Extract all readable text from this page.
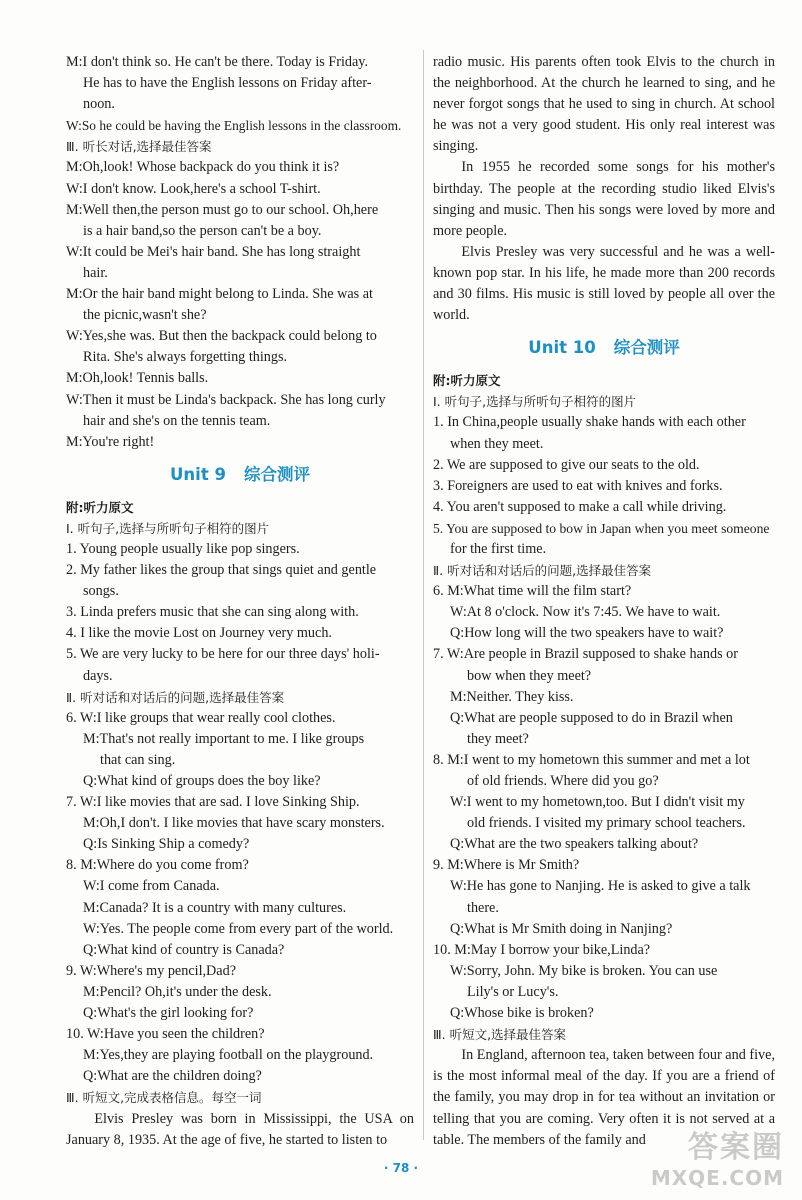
M:I don't think so. He can't be there. Today is Friday.
He has to have the English lessons on Friday after-
noon.
W:So he could be having the English lessons in the classroom.
Ⅲ. 听长对话,选择最佳答案
M:Oh,look! Whose backpack do you think it is?
W:I don't know. Look,here's a school T-shirt.
M:Well then,the person must go to our school. Oh,here
is a hair band,so the person can't be a boy.
W:It could be Mei's hair band. She has long straight
hair.
M:Or the hair band might belong to Linda. She was at
the picnic,wasn't she?
W:Yes,she was. But then the backpack could belong to
Rita. She's always forgetting things.
M:Oh,look! Tennis balls.
W:Then it must be Linda's backpack. She has long curly
hair and she's on the tennis team.
M:You're right!
Unit 9 综合测评
附:听力原文
Ⅰ. 听句子,选择与所听句子相符的图片
1. Young people usually like pop singers.
2. My father likes the group that sings quiet and gentle
songs.
3. Linda prefers music that she can sing along with.
4. I like the movie Lost on Journey very much.
5. We are very lucky to be here for our three days' holi-
days.
Ⅱ. 听对话和对话后的问题,选择最佳答案
6. W:I like groups that wear really cool clothes.
M:That's not really important to me. I like groups
that can sing.
Q:What kind of groups does the boy like?
7. W:I like movies that are sad. I love Sinking Ship.
M:Oh,I don't. I like movies that have scary monsters.
Q:Is Sinking Ship a comedy?
8. M:Where do you come from?
W:I come from Canada.
M:Canada? It is a country with many cultures.
W:Yes. The people come from every part of the world.
Q:What kind of country is Canada?
9. W:Where's my pencil,Dad?
M:Pencil? Oh,it's under the desk.
Q:What's the girl looking for?
10. W:Have you seen the children?
M:Yes,they are playing football on the playground.
Q:What are the children doing?
Ⅲ. 听短文,完成表格信息。每空一词
Elvis Presley was born in Mississippi, the USA on January 8, 1935. At the age of five, he started to listen to
radio music. His parents often took Elvis to the church in the neighborhood. At the church he learned to sing, and he never forgot songs that he used to sing in church. At school he was not a very good student. His only real interest was singing.
In 1955 he recorded some songs for his mother's birthday. The people at the recording studio liked Elvis's singing and music. Then his songs were loved by more and more people.
Elvis Presley was very successful and he was a well-known pop star. In his life, he made more than 200 records and 30 films. His music is still loved by people all over the world.
Unit 10 综合测评
附:听力原文
Ⅰ. 听句子,选择与所听句子相符的图片
1. In China,people usually shake hands with each other
when they meet.
2. We are supposed to give our seats to the old.
3. Foreigners are used to eat with knives and forks.
4. You aren't supposed to make a call while driving.
5. You are supposed to bow in Japan when you meet someone
for the first time.
Ⅱ. 听对话和对话后的问题,选择最佳答案
6. M:What time will the film start?
W:At 8 o'clock. Now it's 7:45. We have to wait.
Q:How long will the two speakers have to wait?
7. W:Are people in Brazil supposed to shake hands or
bow when they meet?
M:Neither. They kiss.
Q:What are people supposed to do in Brazil when
they meet?
8. M:I went to my hometown this summer and met a lot
of old friends. Where did you go?
W:I went to my hometown,too. But I didn't visit my
old friends. I visited my primary school teachers.
Q:What are the two speakers talking about?
9. M:Where is Mr Smith?
W:He has gone to Nanjing. He is asked to give a talk
there.
Q:What is Mr Smith doing in Nanjing?
10. M:May I borrow your bike,Linda?
W:Sorry, John. My bike is broken. You can use
Lily's or Lucy's.
Q:Whose bike is broken?
Ⅲ. 听短文,选择最佳答案
In England, afternoon tea, taken between four and five, is the most informal meal of the day. If you are a friend of the family, you may drop in for tea without an invitation or telling that you are coming. Very often it is not served at a table. The members of the family and
· 78 ·
答案圈
MXQE.COM
